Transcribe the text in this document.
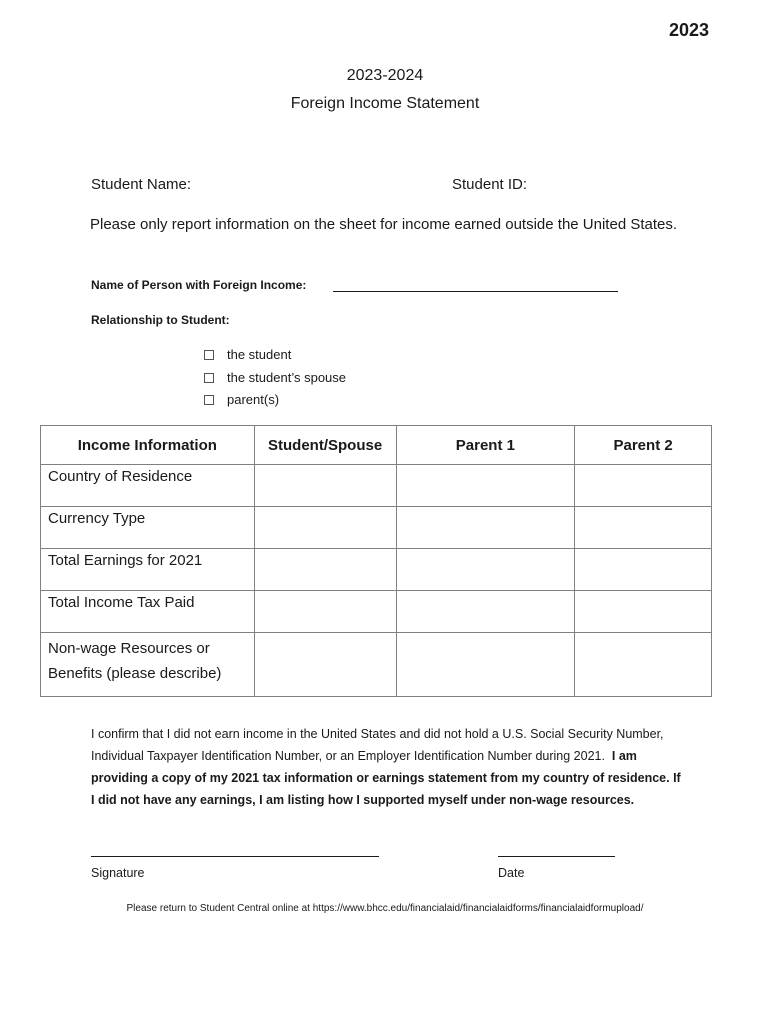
2023
2023-2024
Foreign Income Statement
Student Name:	Student ID:
Please only report information on the sheet for income earned outside the United States.
Name of Person with Foreign Income:
Relationship to Student:
the student
the student’s spouse
parent(s)
Income Information	Student/Spouse	Parent 1	Parent 2
Country of Residence			
Currency Type			
Total Earnings for 2021			
Total Income Tax Paid			
Non-wage Resources or Benefits (please describe)			
I confirm that I did not earn income in the United States and did not hold a U.S. Social Security Number, Individual Taxpayer Identification Number, or an Employer Identification Number during 2021. I am providing a copy of my 2021 tax information or earnings statement from my country of residence. If I did not have any earnings, I am listing how I supported myself under non-wage resources.
Signature	Date
Please return to Student Central online at https://www.bhcc.edu/financialaid/financialaidforms/financialaidformupload/
